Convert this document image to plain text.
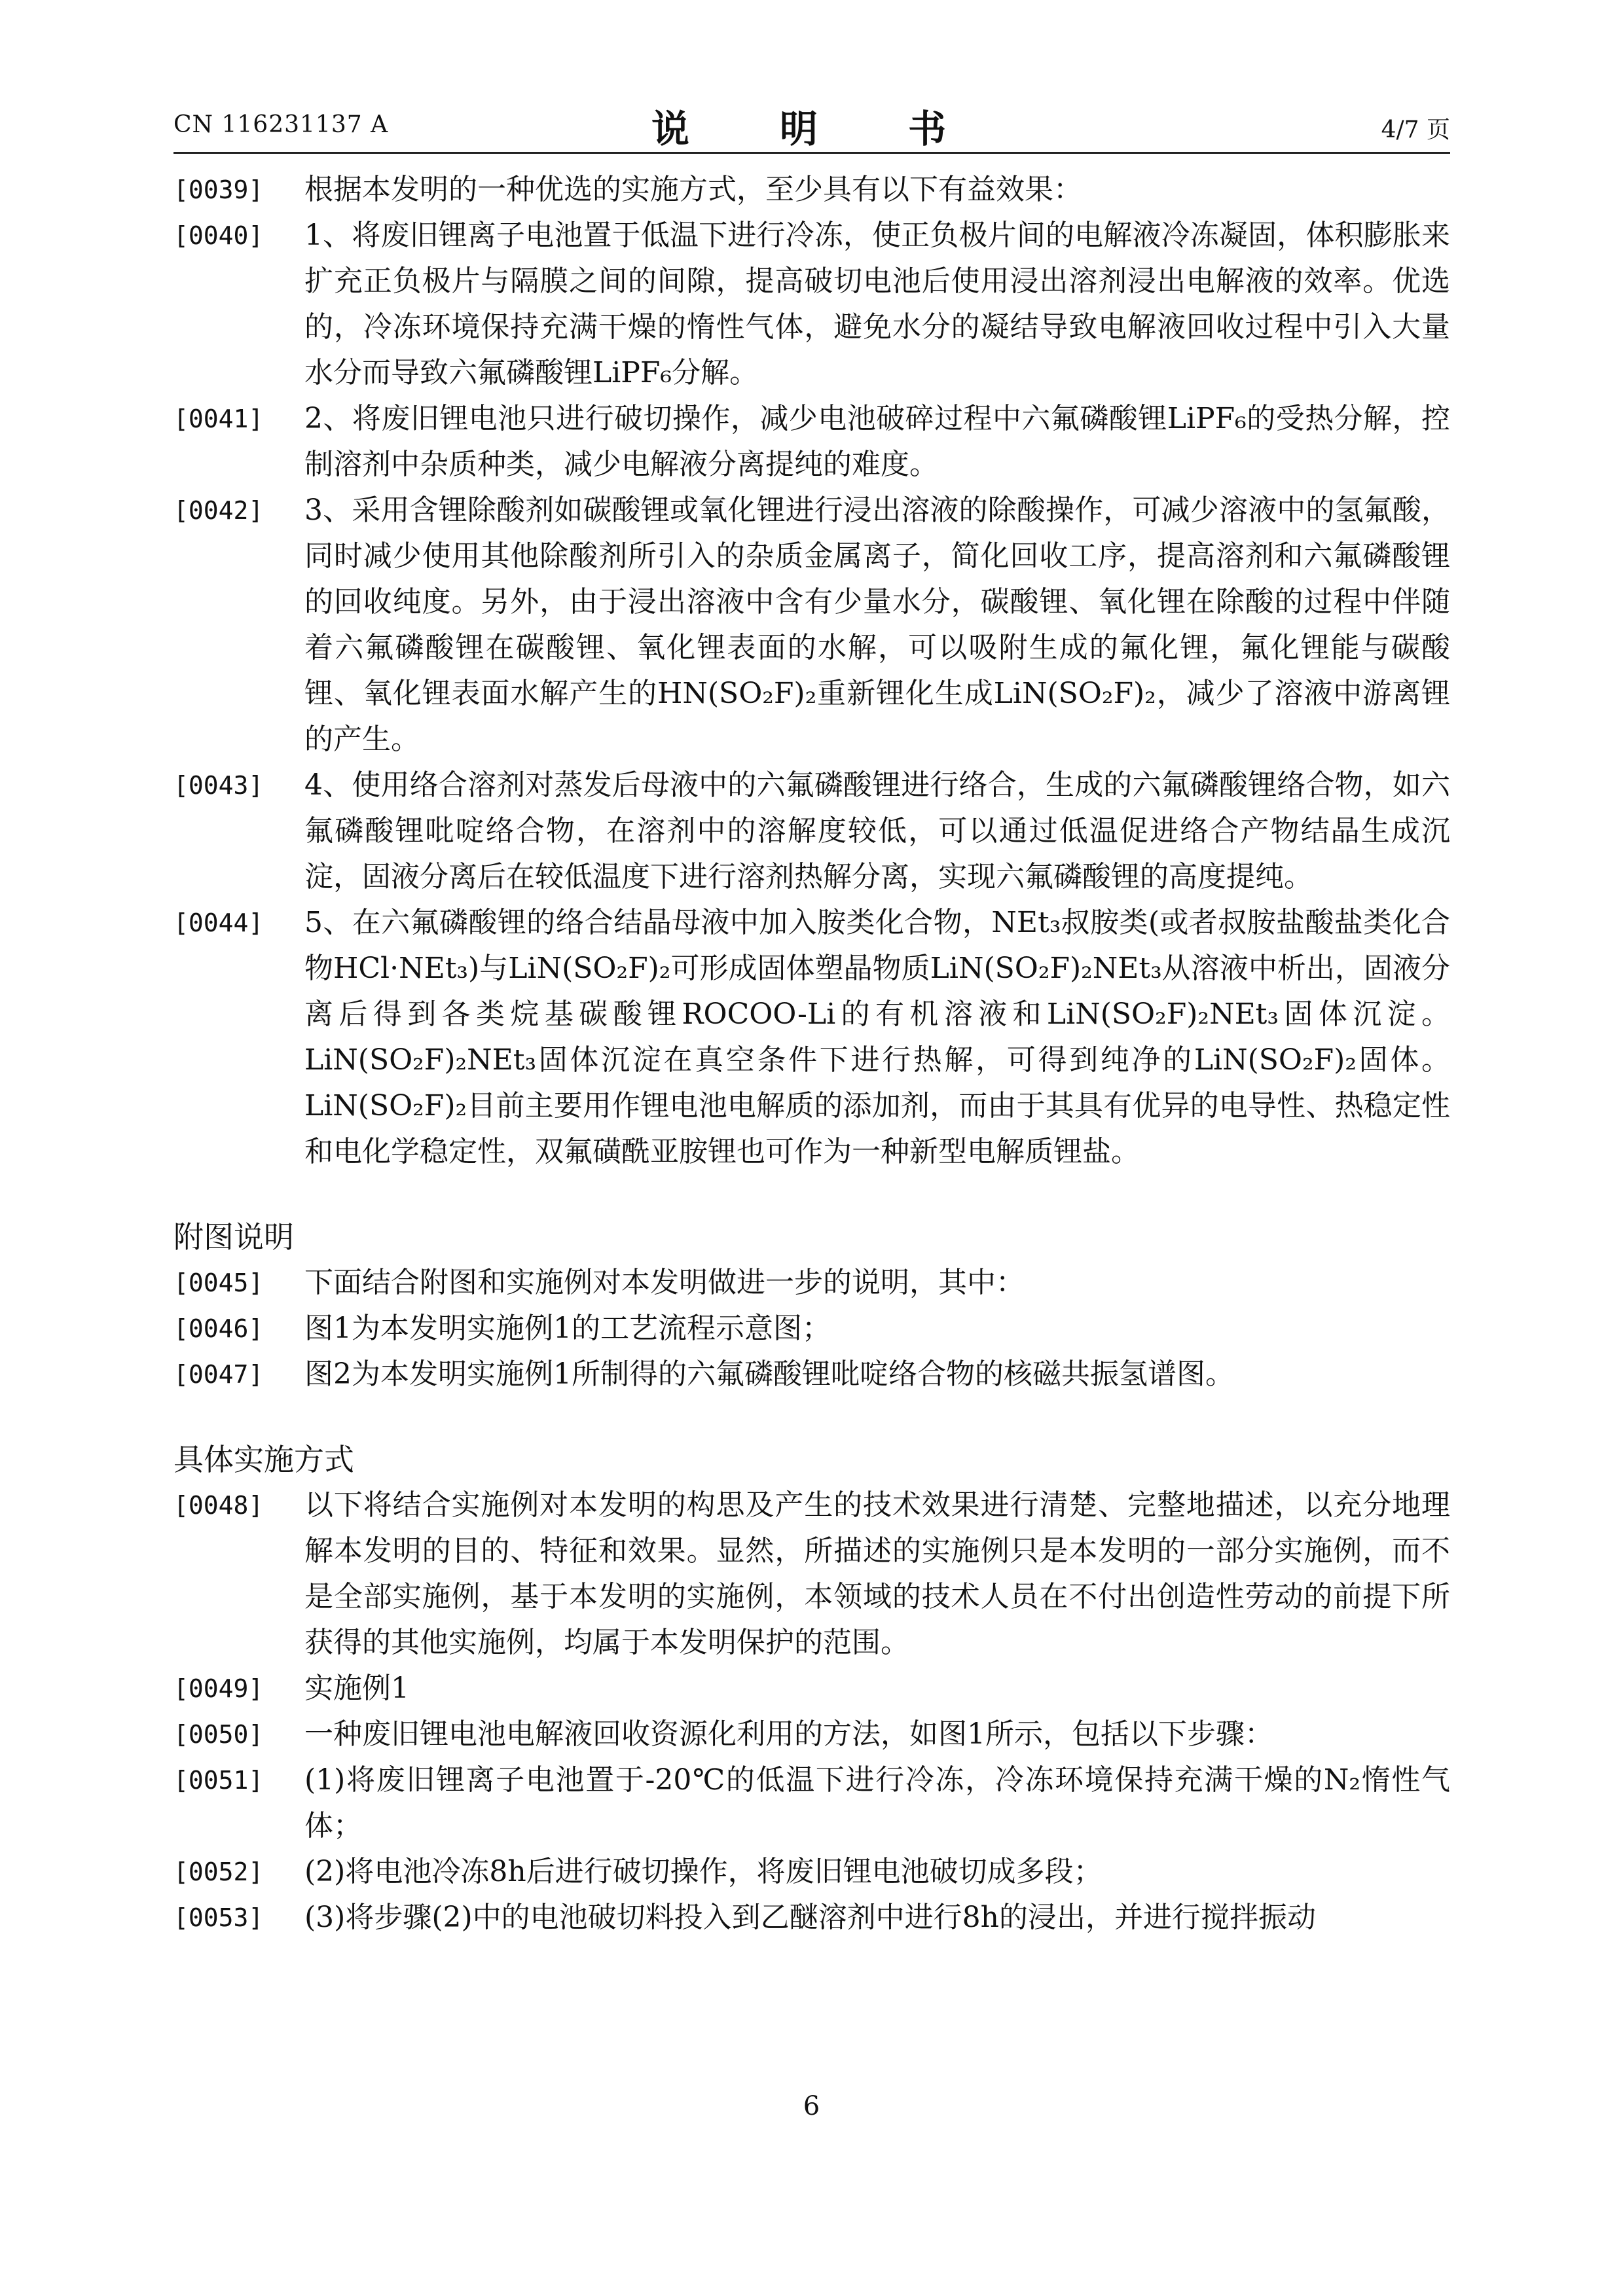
CN 116231137 A	说　明　书	4/7 页
[0039]	根据本发明的一种优选的实施方式，至少具有以下有益效果：
[0040]	1、将废旧锂离子电池置于低温下进行冷冻，使正负极片间的电解液冷冻凝固，体积膨胀来扩充正负极片与隔膜之间的间隙，提高破切电池后使用浸出溶剂浸出电解液的效率。优选的，冷冻环境保持充满干燥的惰性气体，避免水分的凝结导致电解液回收过程中引入大量水分而导致六氟磷酸锂LiPF₆分解。
[0041]	2、将废旧锂电池只进行破切操作，减少电池破碎过程中六氟磷酸锂LiPF₆的受热分解，控制溶剂中杂质种类，减少电解液分离提纯的难度。
[0042]	3、采用含锂除酸剂如碳酸锂或氧化锂进行浸出溶液的除酸操作，可减少溶液中的氢氟酸，同时减少使用其他除酸剂所引入的杂质金属离子，简化回收工序，提高溶剂和六氟磷酸锂的回收纯度。另外，由于浸出溶液中含有少量水分，碳酸锂、氧化锂在除酸的过程中伴随着六氟磷酸锂在碳酸锂、氧化锂表面的水解，可以吸附生成的氟化锂，氟化锂能与碳酸锂、氧化锂表面水解产生的HN(SO₂F)₂重新锂化生成LiN(SO₂F)₂，减少了溶液中游离锂的产生。
[0043]	4、使用络合溶剂对蒸发后母液中的六氟磷酸锂进行络合，生成的六氟磷酸锂络合物，如六氟磷酸锂吡啶络合物，在溶剂中的溶解度较低，可以通过低温促进络合产物结晶生成沉淀，固液分离后在较低温度下进行溶剂热解分离，实现六氟磷酸锂的高度提纯。
[0044]	5、在六氟磷酸锂的络合结晶母液中加入胺类化合物，NEt₃叔胺类(或者叔胺盐酸盐类化合物HCl·NEt₃)与LiN(SO₂F)₂可形成固体塑晶物质LiN(SO₂F)₂NEt₃从溶液中析出，固液分离后得到各类烷基碳酸锂ROCOO-Li的有机溶液和LiN(SO₂F)₂NEt₃固体沉淀。LiN(SO₂F)₂NEt₃固体沉淀在真空条件下进行热解，可得到纯净的LiN(SO₂F)₂固体。LiN(SO₂F)₂目前主要用作锂电池电解质的添加剂，而由于其具有优异的电导性、热稳定性和电化学稳定性，双氟磺酰亚胺锂也可作为一种新型电解质锂盐。
附图说明
[0045]	下面结合附图和实施例对本发明做进一步的说明，其中：
[0046]	图1为本发明实施例1的工艺流程示意图；
[0047]	图2为本发明实施例1所制得的六氟磷酸锂吡啶络合物的核磁共振氢谱图。
具体实施方式
[0048]	以下将结合实施例对本发明的构思及产生的技术效果进行清楚、完整地描述，以充分地理解本发明的目的、特征和效果。显然，所描述的实施例只是本发明的一部分实施例，而不是全部实施例，基于本发明的实施例，本领域的技术人员在不付出创造性劳动的前提下所获得的其他实施例，均属于本发明保护的范围。
[0049]	实施例1
[0050]	一种废旧锂电池电解液回收资源化利用的方法，如图1所示，包括以下步骤：
[0051]	(1)将废旧锂离子电池置于-20℃的低温下进行冷冻，冷冻环境保持充满干燥的N₂惰性气体；
[0052]	(2)将电池冷冻8h后进行破切操作，将废旧锂电池破切成多段；
[0053]	(3)将步骤(2)中的电池破切料投入到乙醚溶剂中进行8h的浸出，并进行搅拌振动
6
